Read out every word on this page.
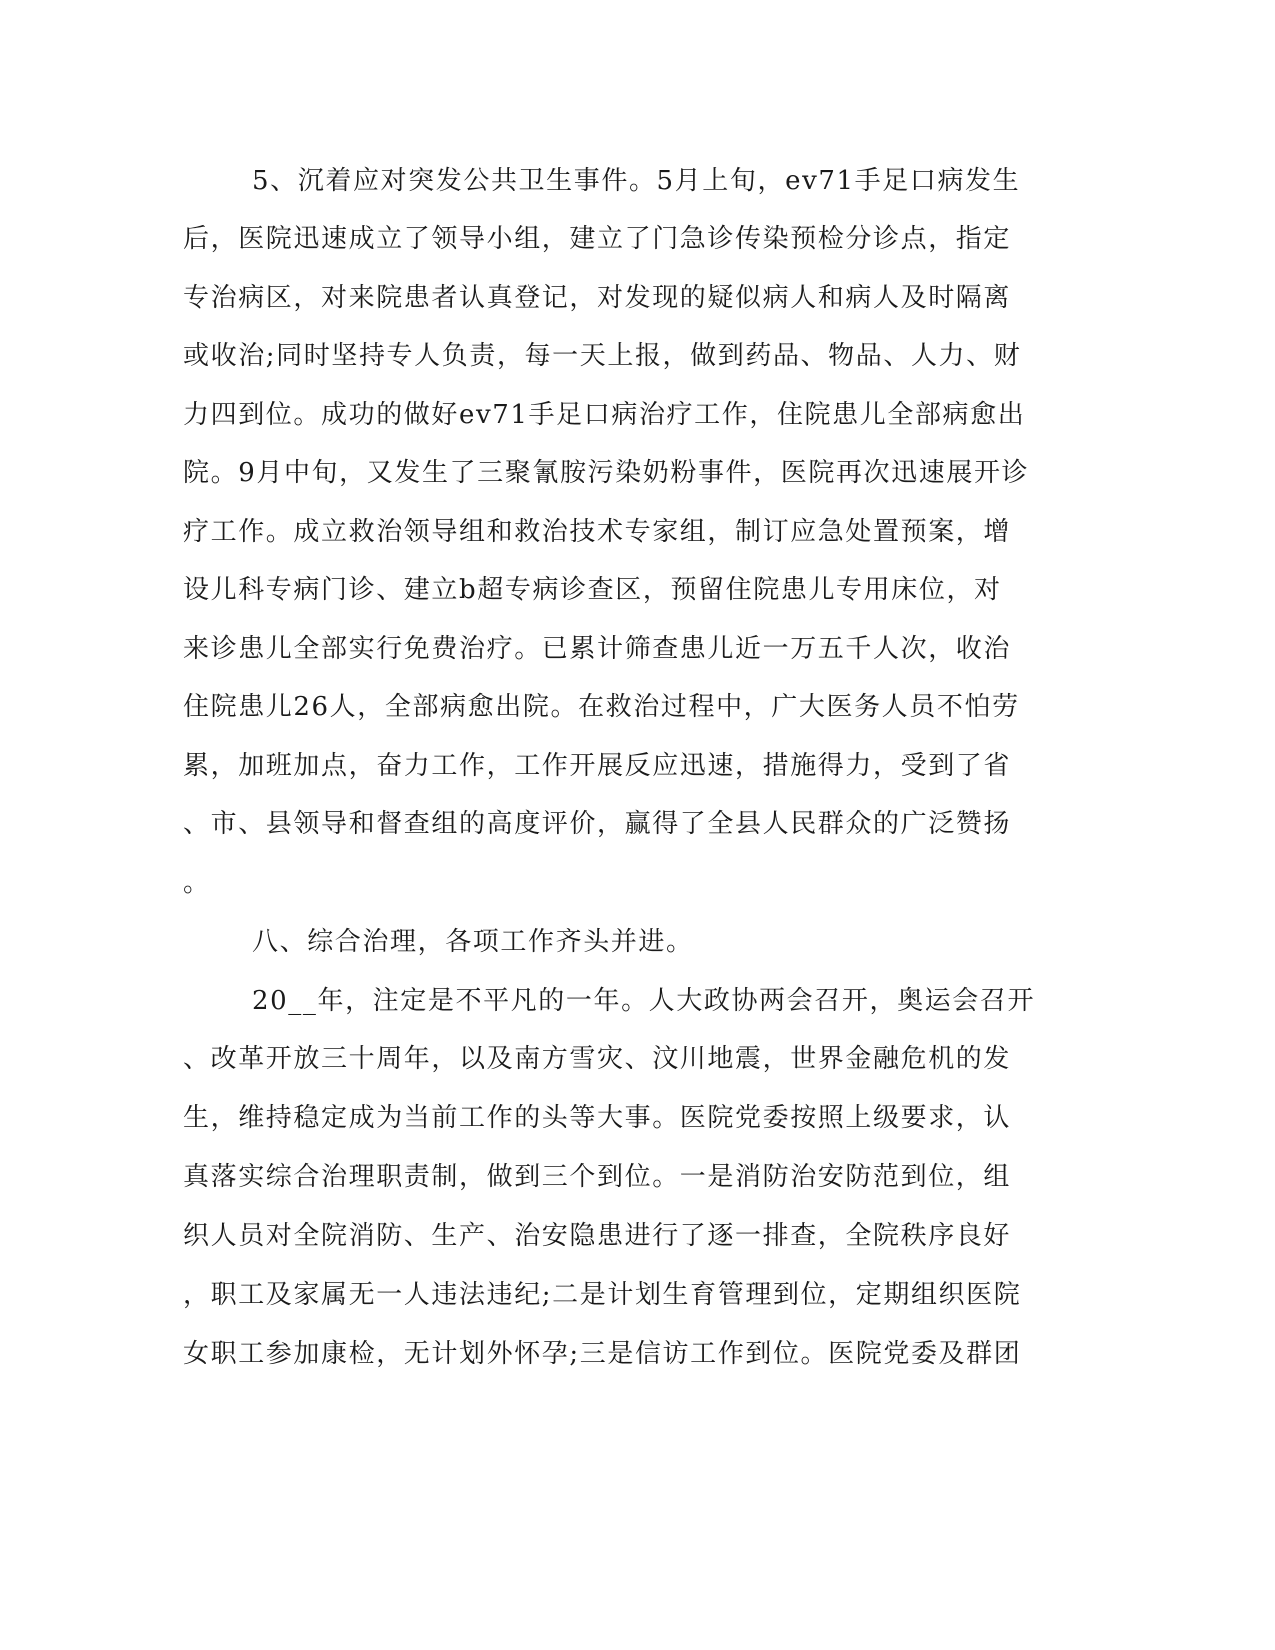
5、沉着应对突发公共卫生事件。5月上旬，ev71手足口病发生
后，医院迅速成立了领导小组，建立了门急诊传染预检分诊点，指定
专治病区，对来院患者认真登记，对发现的疑似病人和病人及时隔离
或收治;同时坚持专人负责，每一天上报，做到药品、物品、人力、财
力四到位。成功的做好ev71手足口病治疗工作，住院患儿全部病愈出
院。9月中旬，又发生了三聚氰胺污染奶粉事件，医院再次迅速展开诊
疗工作。成立救治领导组和救治技术专家组，制订应急处置预案，增
设儿科专病门诊、建立b超专病诊查区，预留住院患儿专用床位，对
来诊患儿全部实行免费治疗。已累计筛查患儿近一万五千人次，收治
住院患儿26人，全部病愈出院。在救治过程中，广大医务人员不怕劳
累，加班加点，奋力工作，工作开展反应迅速，措施得力，受到了省
、市、县领导和督查组的高度评价，赢得了全县人民群众的广泛赞扬
。
八、综合治理，各项工作齐头并进。
20__年，注定是不平凡的一年。人大政协两会召开，奥运会召开
、改革开放三十周年，以及南方雪灾、汶川地震，世界金融危机的发
生，维持稳定成为当前工作的头等大事。医院党委按照上级要求，认
真落实综合治理职责制，做到三个到位。一是消防治安防范到位，组
织人员对全院消防、生产、治安隐患进行了逐一排查，全院秩序良好
，职工及家属无一人违法违纪;二是计划生育管理到位，定期组织医院
女职工参加康检，无计划外怀孕;三是信访工作到位。医院党委及群团
